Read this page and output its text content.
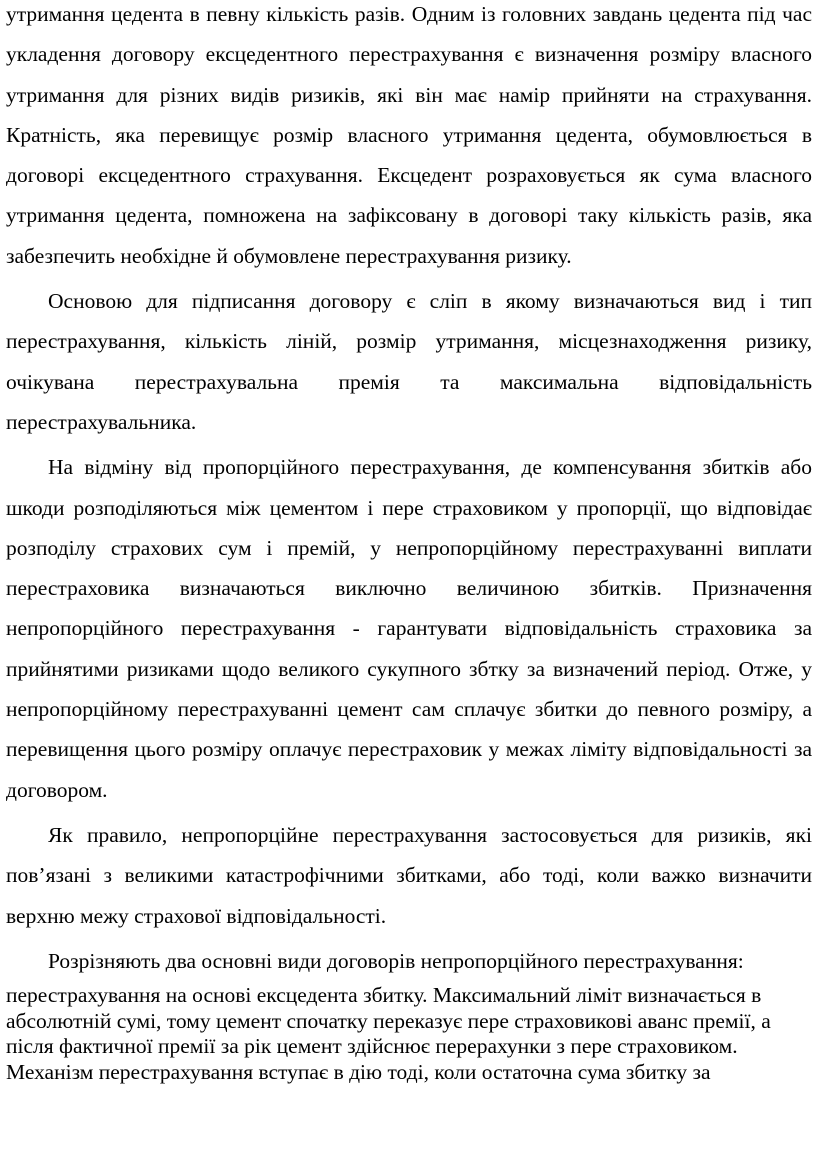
утримання цедента в певну кількість разів. Одним із головних завдань цедента під час укладення договору ексцедентного перестрахування є визначення розміру власного утримання для різних видів ризиків, які він має намір прийняти на страхування. Кратність, яка перевищує розмір власного утримання цедента, обумовлюється в договорі ексцедентного страхування. Ексцедент розраховується як сума власного утримання цедента, помножена на зафіксовану в договорі таку кількість разів, яка забезпечить необхідне й обумовлене перестрахування ризику.

Основою для підписання договору є сліп в якому визначаються вид і тип перестрахування, кількість ліній, розмір утримання, місцезнаходження ризику, очікувана перестрахувальна премія та максимальна відповідальність перестрахувальника.

На відміну від пропорційного перестрахування, де компенсування збитків або шкоди розподіляються між цементом і пере страховиком у пропорції, що відповідає розподілу страхових сум і премій, у непропорційному перестрахуванні виплати перестраховика визначаються виключно величиною збитків. Призначення непропорційного перестрахування - гарантувати відповідальність страховика за прийнятими ризиками щодо великого сукупного збтку за визначений період. Отже, у непропорційному перестрахуванні цемент сам сплачує збитки до певного розміру, а перевищення цього розміру оплачує перестраховик у межах ліміту відповідальності за договором.

Як правило, непропорційне перестрахування застосовується для ризиків, які пов’язані з великими катастрофічними збитками, або тоді, коли важко визначити верхню межу страхової відповідальності.

Розрізняють два основні види договорів непропорційного перестрахування:

перестрахування на основі ексцедента збитку. Максимальний ліміт визначається в абсолютній сумі, тому цемент спочатку переказує пере страховикові аванс премії, а після фактичної премії за рік цемент здійснює перерахунки з пере страховиком. Механізм перестрахування вступає в дію тоді, коли остаточна сума збитку за
